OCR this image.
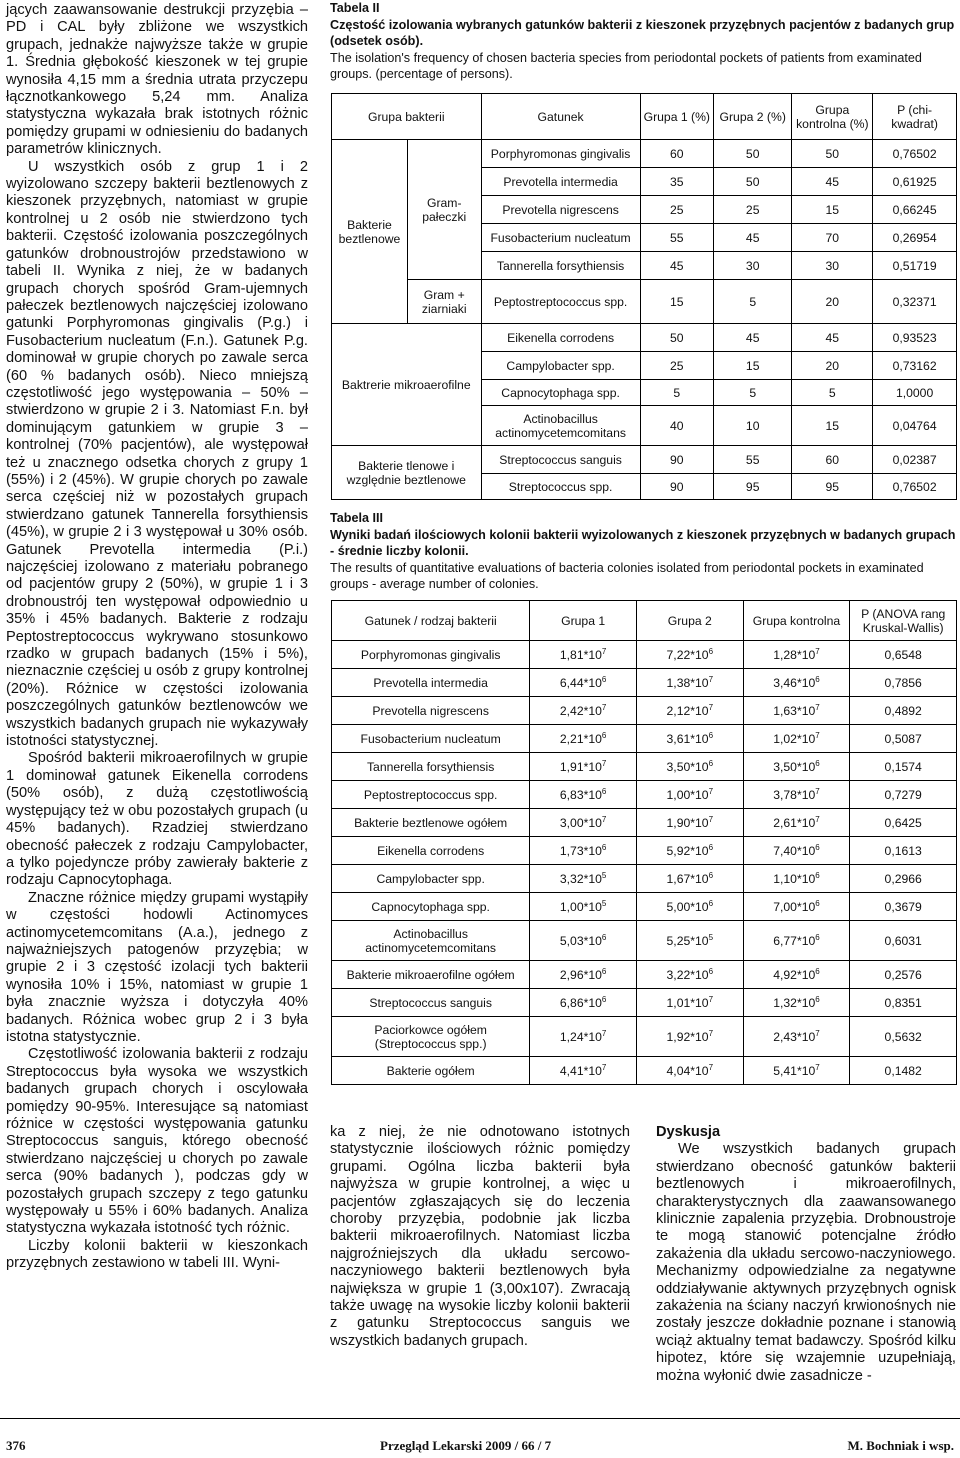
jących zaawansowanie destrukcji przyzębia – PD i CAL były zbliżone we wszystkich grupach, jednakże najwyższe także w grupie 1. Średnia głębokość kieszonek w tej grupie wynosiła 4,15 mm a średnia utrata przyczepu łącznotkankowego 5,24 mm. Analiza statystyczna wykazała brak istotnych różnic pomiędzy grupami w odniesieniu do badanych parametrów klinicznych.

U wszystkich osób z grup 1 i 2 wyizolowano szczepy bakterii beztlenowych z kieszonek przyzębnych, natomiast w grupie kontrolnej u 2 osób nie stwierdzono tych bakterii. Częstość izolowania poszczególnych gatunków drobnoustrojów przedstawiono w tabeli II. Wynika z niej, że w badanych grupach chorych spośród Gram-ujemnych pałeczek beztlenowych najczęściej izolowano gatunki Porphyromonas gingivalis (P.g.) i Fusobacterium nucleatum (F.n.). Gatunek P.g. dominował w grupie chorych po zawale serca (60 % badanych osób). Nieco mniejszą częstotliwość jego występowania – 50% – stwierdzono w grupie 2 i 3. Natomiast F.n. był dominującym gatunkiem w grupie 3 – kontrolnej (70% pacjentów), ale występował też u znacznego odsetka chorych z grupy 1 (55%) i 2 (45%). W grupie chorych po zawale serca częściej niż w pozostałych grupach stwierdzano gatunek Tannerella forsythiensis (45%), w grupie 2 i 3 występował u 30% osób. Gatunek Prevotella intermedia (P.i.) najczęściej izolowano z materiału pobranego od pacjentów grupy 2 (50%), w grupie 1 i 3 drobnoustrój ten występował odpowiednio u 35% i 45% badanych. Bakterie z rodzaju Peptostreptococcus wykrywano stosunkowo rzadko w grupach badanych (15% i 5%), nieznacznie częściej u osób z grupy kontrolnej (20%). Różnice w częstości izolowania poszczególnych gatunków beztlenowców we wszystkich badanych grupach nie wykazywały istotności statystycznej.

Spośród bakterii mikroaerofilnych w grupie 1 dominował gatunek Eikenella corrodens (50% osób), z dużą częstotliwością występujący też w obu pozostałych grupach (u 45% badanych). Rzadziej stwierdzano obecność pałeczek z rodzaju Campylobacter, a tylko pojedyncze próby zawierały bakterie z rodzaju Capnocytophaga.

Znaczne różnice między grupami wystąpiły w częstości hodowli Actinomyces actinomycetemcomitans (A.a.), jednego z najważniejszych patogenów przyzębia; w grupie 2 i 3 częstość izolacji tych bakterii wynosiła 10% i 15%, natomiast w grupie 1 była znacznie wyższa i dotyczyła 40% badanych. Różnica wobec grup 2 i 3 była istotna statystycznie.

Częstotliwość izolowania bakterii z rodzaju Streptococcus była wysoka we wszystkich badanych grupach chorych i oscylowała pomiędzy 90-95%. Interesujące są natomiast różnice w częstości występowania gatunku Streptococcus sanguis, którego obecność stwierdzano najczęściej u chorych po zawale serca (90% badanych ), podczas gdy w pozostałych grupach szczepy z tego gatunku występowały u 55% i 60% badanych. Analiza statystyczna wykazała istotność tych różnic.

Liczby kolonii bakterii w kieszonkach przyzębnych zestawiono w tabeli III. Wyni-

Tabela II
Częstość izolowania wybranych gatunków bakterii z kieszonek przyzębnych pacjentów z badanych grup (odsetek osób).
The isolation's frequency of chosen bacteria species from periodontal pockets of patients from examinated groups. (percentage of persons).
Grupa bakterii		Gatunek	Grupa 1 (%)	Grupa 2 (%)	Grupa kontrolna (%)	P (chi-kwadrat)
Bakterie beztlenowe	Gram-pałeczki	Porphyromonas gingivalis	60	50	50	0,76502
		Prevotella intermedia	35	50	45	0,61925
		Prevotella nigrescens	25	25	15	0,66245
		Fusobacterium nucleatum	55	45	70	0,26954
		Tannerella forsythiensis	45	30	30	0,51719
	Gram + ziarniaki	Peptostreptococcus spp.	15	5	20	0,32371
Baktrerie mikroaerofilne		Eikenella corrodens	50	45	45	0,93523
		Campylobacter spp.	25	15	20	0,73162
		Capnocytophaga spp.	5	5	5	1,0000
		Actinobacillus actinomycetemcomitans	40	10	15	0,04764
Bakterie tlenowe i względnie beztlenowe		Streptococcus sanguis	90	55	60	0,02387
		Streptococcus spp.	90	95	95	0,76502
Tabela III
Wyniki badań ilościowych kolonii bakterii wyizolowanych z kieszonek przyzębnych w badanych grupach - średnie liczby kolonii.
The results of quantitative evaluations of bacteria colonies isolated from periodontal pockets in examinated groups - average number of colonies.
Gatunek / rodzaj bakterii	Grupa 1	Grupa 2	Grupa kontrolna	P (ANOVA rang Kruskal-Wallis)
Porphyromonas gingivalis	$1,81*10^7$	$7,22*10^6$	$1,28*10^7$	0,6548
Prevotella intermedia	$6,44*10^6$	$1,38*10^7$	$3,46*10^6$	0,7856
Prevotella nigrescens	$2,42*10^7$	$2,12*10^7$	$1,63*10^7$	0,4892
Fusobacterium nucleatum	$2,21*10^6$	$3,61*10^6$	$1,02*10^7$	0,5087
Tannerella forsythiensis	$1,91*10^7$	$3,50*10^6$	$3,50*10^6$	0,1574
Peptostreptococcus spp.	$6,83*10^6$	$1,00*10^7$	$3,78*10^7$	0,7279
Bakterie beztlenowe ogółem	$3,00*10^7$	$1,90*10^7$	$2,61*10^7$	0,6425
Eikenella corrodens	$1,73*10^6$	$5,92*10^6$	$7,40*10^6$	0,1613
Campylobacter spp.	$3,32*10^5$	$1,67*10^6$	$1,10*10^6$	0,2966
Capnocytophaga spp.	$1,00*10^5$	$5,00*10^6$	$7,00*10^6$	0,3679
Actinobacillus actinomycetemcomitans	$5,03*10^6$	$5,25*10^5$	$6,77*10^6$	0,6031
Bakterie mikroaerofilne ogółem	$2,96*10^6$	$3,22*10^6$	$4,92*10^6$	0,2576
Streptococcus sanguis	$6,86*10^6$	$1,01*10^7$	$1,32*10^6$	0,8351
Paciorkowce ogółem (Streptococcus spp.)	$1,24*10^7$	$1,92*10^7$	$2,43*10^7$	0,5632
Bakterie ogółem	$4,41*10^7$	$4,04*10^7$	$5,41*10^7$	0,1482

ka z niej, że nie odnotowano istotnych statystycznie ilościowych różnic pomiędzy grupami. Ogólna liczba bakterii była najwyższa w grupie kontrolnej, a więc u pacjentów zgłaszających się do leczenia choroby przyzębia, podobnie jak liczba bakterii mikroaerofilnych. Natomiast liczba najgroźniejszych dla układu sercowo-naczyniowego bakterii beztlenowych była największa w grupie 1 (3,00x107). Zwracają także uwagę na wysokie liczby kolonii bakterii z gatunku Streptococcus sanguis we wszystkich badanych grupach.

Dyskusja

We wszystkich badanych grupach stwierdzano obecność gatunków bakterii beztlenowych i mikroaerofilnych, charakterystycznych dla zaawansowanego klinicznie zapalenia przyzębia. Drobnoustroje te mogą stanowić potencjalne źródło zakażenia dla układu sercowo-naczyniowego. Mechanizmy odpowiedzialne za negatywne oddziaływanie aktywnych przyzębnych ognisk zakażenia na ściany naczyń krwionośnych nie zostały jeszcze dokładnie poznane i stanowią wciąż aktualny temat badawczy. Spośród kilku hipotez, które się wzajemnie uzupełniają, można wyłonić dwie zasadnicze -

376	Przegląd Lekarski 2009 / 66 / 7	M. Bochniak i wsp.
